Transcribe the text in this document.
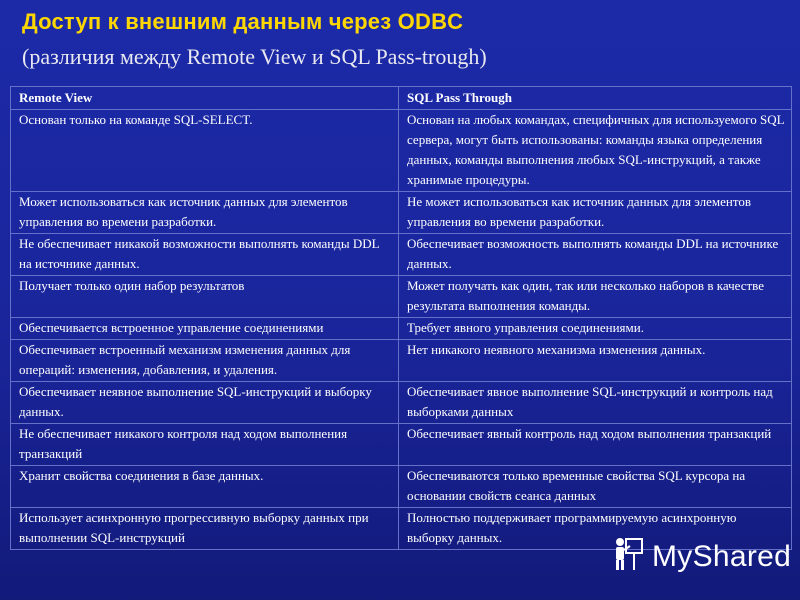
Доступ к внешним данным через ODBC
(различия между Remote View и SQL Pass-trough)
Remote View	SQL Pass Through
Основан только на команде SQL-SELECT.	Основан на любых командах, специфичных для используемого SQL сервера, могут быть использованы: команды языка определения данных, команды выполнения любых SQL-инструкций, а также хранимые процедуры.
Может использоваться как источник данных для элементов управления во времени разработки.	Не может использоваться как источник данных для элементов управления во времени разработки.
Не обеспечивает никакой возможности выполнять команды DDL на источнике данных.	Обеспечивает возможность выполнять команды DDL на источнике данных.
Получает только один набор результатов	Может получать как один, так или несколько наборов в качестве результата выполнения команды.
Обеспечивается встроенное управление соединениями	Требует явного управления соединениями.
Обеспечивает встроенный механизм изменения данных для операций: изменения, добавления, и удаления.	Нет никакого неявного механизма изменения данных.
Обеспечивает неявное выполнение SQL-инструкций и выборку данных.	Обеспечивает явное выполнение SQL-инструкций и контроль над выборками данных
Не обеспечивает никакого контроля над ходом выполнения транзакций	Обеспечивает явный контроль над ходом выполнения транзакций
Хранит свойства соединения в базе данных.	Обеспечиваются только временные свойства SQL курсора на основании свойств сеанса данных
Использует асинхронную прогрессивную выборку данных при выполнении SQL-инструкций	Полностью поддерживает программируемую асинхронную выборку данных.
MyShared
